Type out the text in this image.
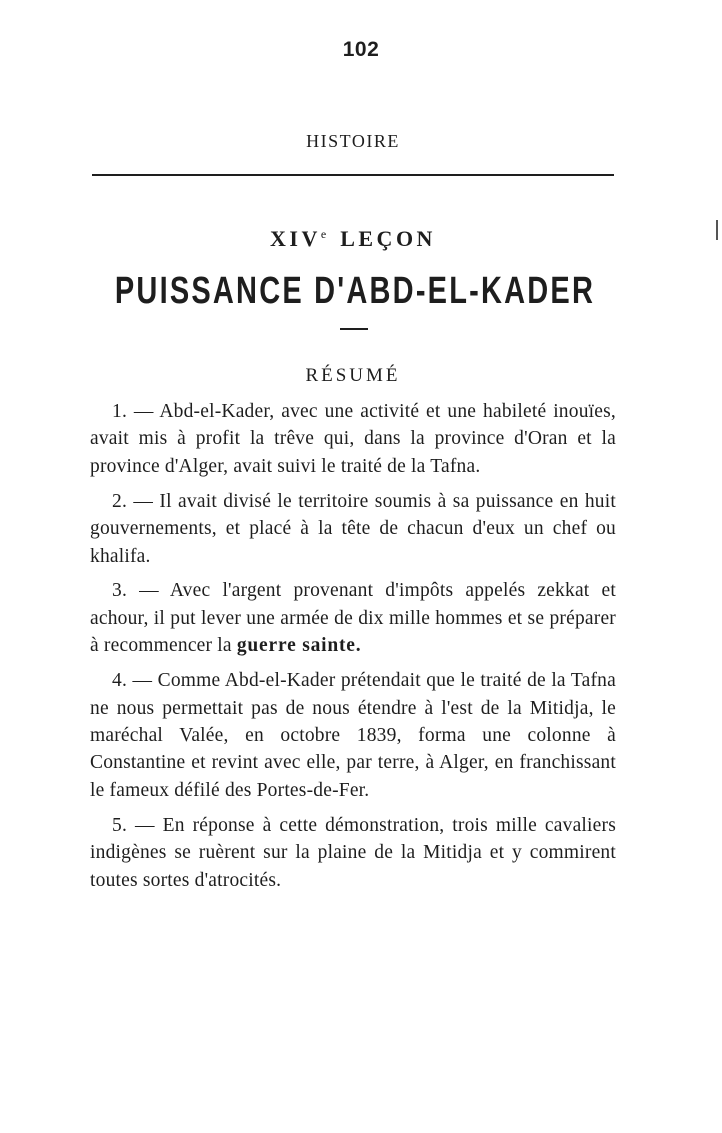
102
HISTOIRE
XIVe LEÇON
PUISSANCE D'ABD-EL-KADER
RÉSUMÉ

1. — Abd-el-Kader, avec une activité et une habileté inouïes, avait mis à profit la trêve qui, dans la province d'Oran et la province d'Alger, avait suivi le traité de la Tafna.

2. — Il avait divisé le territoire soumis à sa puissance en huit gouvernements, et placé à la tête de chacun d'eux un chef ou khalifa.

3. — Avec l'argent provenant d'impôts appelés zekkat et achour, il put lever une armée de dix mille hommes et se préparer à recommencer la guerre sainte.

4. — Comme Abd-el-Kader prétendait que le traité de la Tafna ne nous permettait pas de nous étendre à l'est de la Mitidja, le maréchal Valée, en octobre 1839, forma une colonne à Constantine et revint avec elle, par terre, à Alger, en franchissant le fameux défilé des Portes-de-Fer.

5. — En réponse à cette démonstration, trois mille cavaliers indigènes se ruèrent sur la plaine de la Mitidja et y commirent toutes sortes d'atrocités.
